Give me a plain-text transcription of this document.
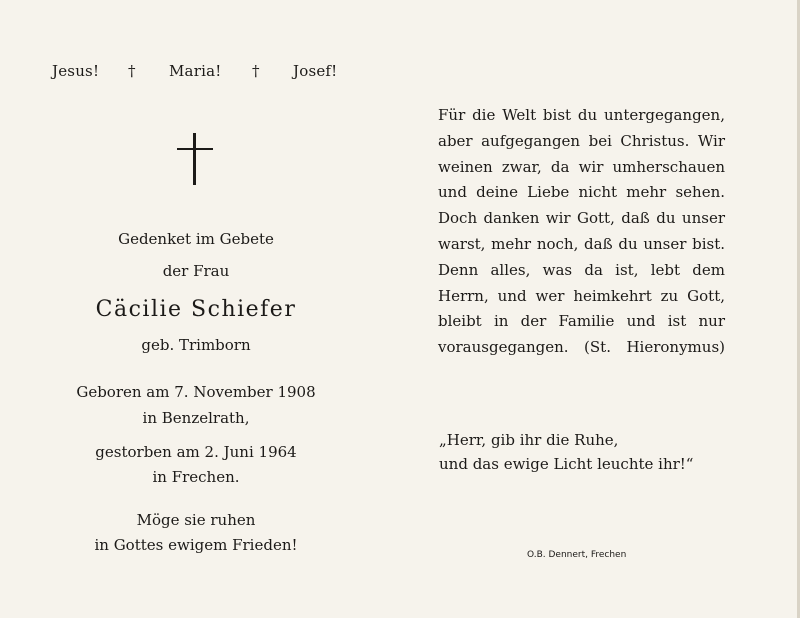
Jesus! † Maria! † Josef!
Gedenket im Gebete
der Frau
Cäcilie Schiefer
geb. Trimborn
Geboren am 7. November 1908
in Benzelrath,
gestorben am 2. Juni 1964
in Frechen.
Möge sie ruhen
in Gottes ewigem Frieden!
Für die Welt bist du untergegangen,
aber aufgegangen bei Christus. Wir
weinen zwar, da wir umherschauen
und deine Liebe nicht mehr sehen.
Doch danken wir Gott, daß du unser
warst, mehr noch, daß du unser bist.
Denn alles, was da ist, lebt dem
Herrn, und wer heimkehrt zu Gott,
bleibt in der Familie und ist nur
vorausgegangen. (St. Hieronymus)
„Herr, gib ihr die Ruhe,
und das ewige Licht leuchte ihr!“
O.B. Dennert, Frechen
